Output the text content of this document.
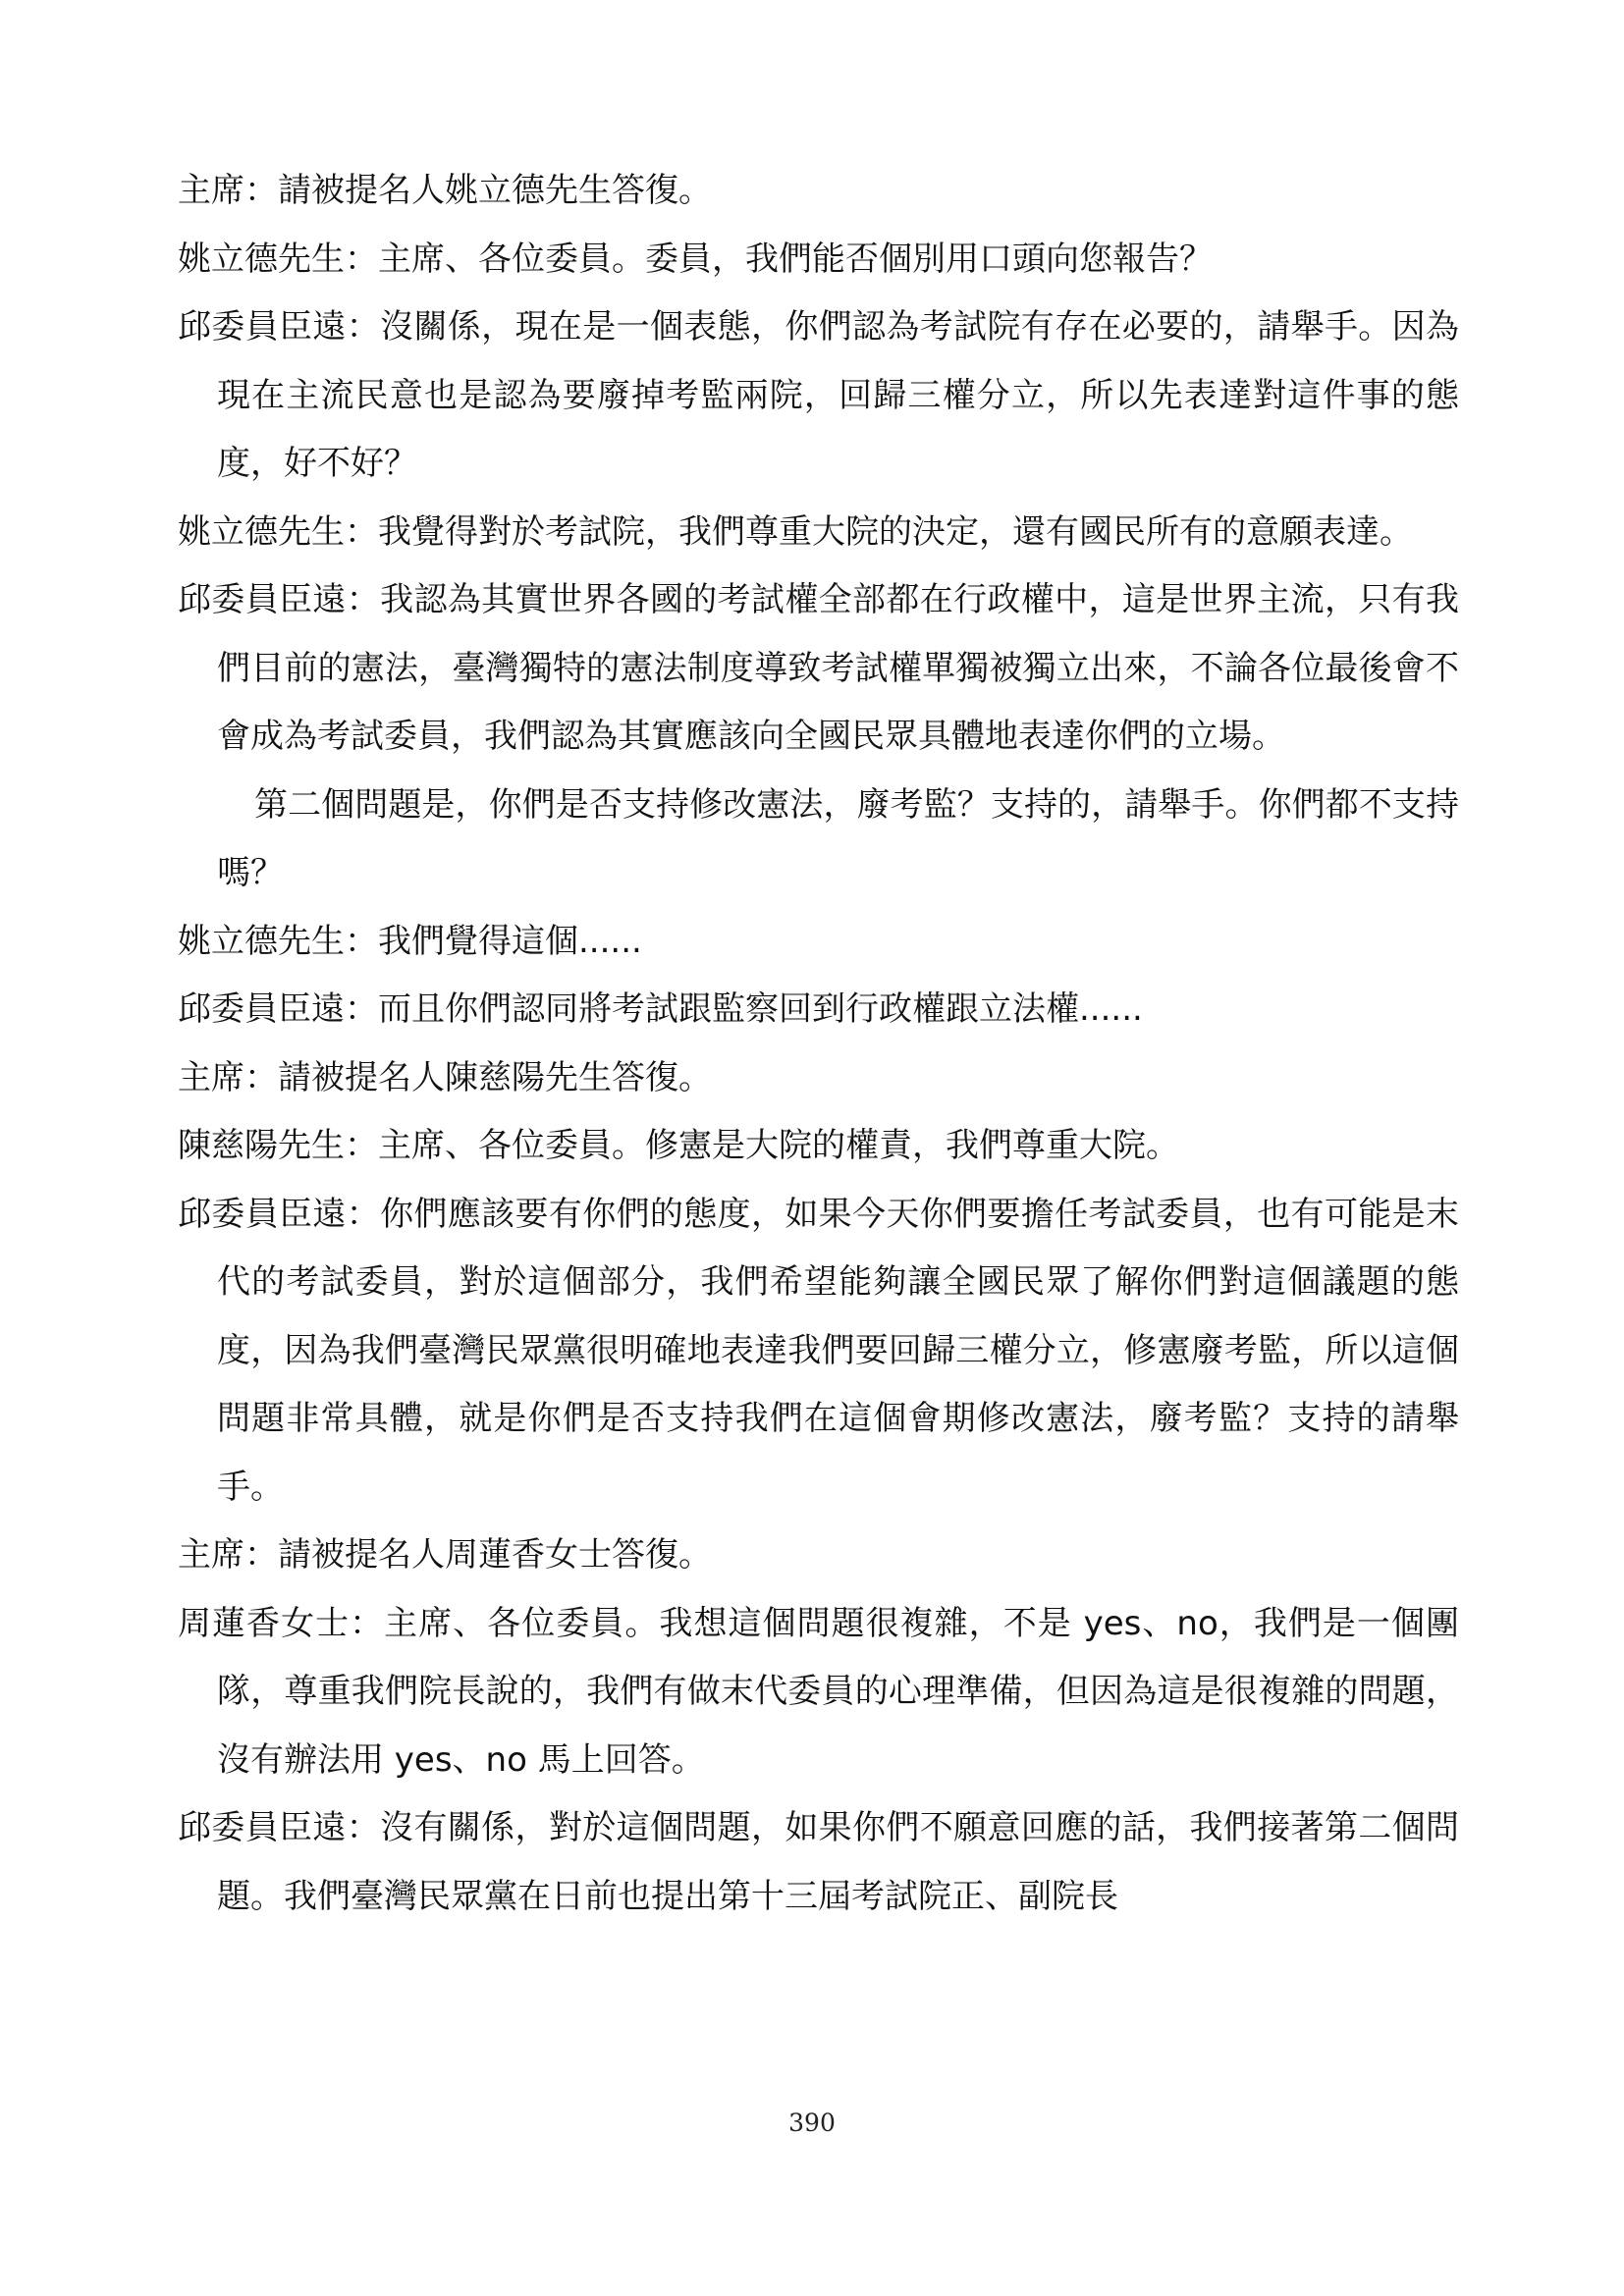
主席：請被提名人姚立德先生答復。

姚立德先生：主席、各位委員。委員，我們能否個別用口頭向您報告？

邱委員臣遠：沒關係，現在是一個表態，你們認為考試院有存在必要的，請舉手。因為現在主流民意也是認為要廢掉考監兩院，回歸三權分立，所以先表達對這件事的態度，好不好？

姚立德先生：我覺得對於考試院，我們尊重大院的決定，還有國民所有的意願表達。

邱委員臣遠：我認為其實世界各國的考試權全部都在行政權中，這是世界主流，只有我們目前的憲法，臺灣獨特的憲法制度導致考試權單獨被獨立出來，不論各位最後會不會成為考試委員，我們認為其實應該向全國民眾具體地表達你們的立場。

第二個問題是，你們是否支持修改憲法，廢考監？支持的，請舉手。你們都不支持嗎？

姚立德先生：我們覺得這個......

邱委員臣遠：而且你們認同將考試跟監察回到行政權跟立法權......

主席：請被提名人陳慈陽先生答復。

陳慈陽先生：主席、各位委員。修憲是大院的權責，我們尊重大院。

邱委員臣遠：你們應該要有你們的態度，如果今天你們要擔任考試委員，也有可能是末代的考試委員，對於這個部分，我們希望能夠讓全國民眾了解你們對這個議題的態度，因為我們臺灣民眾黨很明確地表達我們要回歸三權分立，修憲廢考監，所以這個問題非常具體，就是你們是否支持我們在這個會期修改憲法，廢考監？支持的請舉手。

主席：請被提名人周蓮香女士答復。

周蓮香女士：主席、各位委員。我想這個問題很複雜，不是 yes、no，我們是一個團隊，尊重我們院長說的，我們有做末代委員的心理準備，但因為這是很複雜的問題，沒有辦法用 yes、no 馬上回答。

邱委員臣遠：沒有關係，對於這個問題，如果你們不願意回應的話，我們接著第二個問題。我們臺灣民眾黨在日前也提出第十三屆考試院正、副院長

390
